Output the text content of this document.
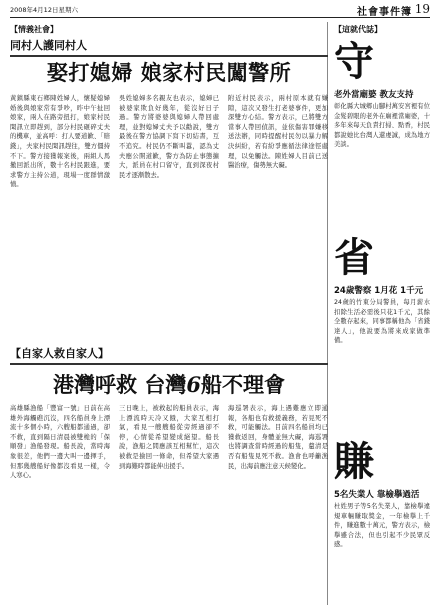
2008年4月12日星期六	社會事件簿 19
【情義社會】
同村人護同村人
娶打媳婦 娘家村民闖警所
黃鎮縣東石鄉陳姓婦人，懷疑媳婦婚後與娘家常有爭吵，昨中午扯回娘家，兩人在路旁扭打，娘家村民聞訊立即趕到，部分村民砸碎丈夫的機車，並高呼：打人要道歉、「賠錢」，夫家村民聞訊趕往，雙方僵持不下。警方接獲報案後，兩組人馬撤回派出所，數十名村民跟進，要求警方主持公道，現場一度群情激憤。
吳姓媳婦多名親友也表示，媳婦已被婆家欺負好幾年，從沒好日子過。警方將婆婆與媳婦人帶回處理，並對媳婦丈夫予以勸說，雙方最後在警方協調下寫下切結書，互不追究。村民仍不斷叫囂，認為丈夫應公開道歉，警方為防止事態擴大，派員在村口留守，直到深夜村民才逐漸散去。
附近村民表示，兩村原本就有嫌隙，這次又發生打老婆事件，更加深雙方心結。警方表示，已將雙方當事人帶回偵訊，並依傷害罪嫌移送法辦，同時提醒村民勿以暴力解決糾紛，若有紛爭應循法律途徑處理，以免觸法。陳姓婦人目前已送醫治療，傷勢無大礙。
【自家人救自家人】
港灣呼救 台灣6船不理會
高雄縣漁船「豐富一號」日前在高雄外海觸礁沉沒，四名船員身上漂流十多個小時，六艘船都通過，卻不救，直到隔日清晨被雙桅的「保順發」漁船發現。船長說，當時海象很差，他們一邊大叫一邊揮手，但那幾艘船好像都沒看見一樣，令人寒心。
三日晚上，被救起的船員表示，海上漂流時天冷又餓，大家互相打氣，看見一艘艘船從旁經過卻不停，心情從希望變成絕望。船長說，漁船之間應該互相幫忙，這次被救是撿回一條命，但希望大家遇到海難時都能伸出援手。
海巡署表示，海上遇難應立即通報，各船也有救援義務，若見死不救，可能觸法。目前四名船員均已獲救返回，身體並無大礙，海巡署也將調查當時經過的船隻，釐清是否有船隻見死不救。漁會也呼籲漁民，出海前應注意天候變化。
【這就代誌】
守
老外當廟婆 教友支持
彰化縣大城鄉山腳村萬安宮裡有位金髮碧眼的老外在廟裡當廟婆，十多年來每天負責打掃、點香，村民都說她比台灣人還虔誠，成為地方美談。
省
24歲警察 1月花 1千元
24歲的竹東分局警員，每月薪水扣除生活必需後只花1千元，其餘全數存起來，同事都稱他為「省錢達人」，他說要為將來成家做準備。
賺
5名失業人 靠檢擧過活
杜姓男子等5名失業人，靠檢擧違規車輛賺取獎金，一年檢擧上千件，賺進數十萬元，警方表示，檢擧雖合法，但也引起不少民眾反感。
